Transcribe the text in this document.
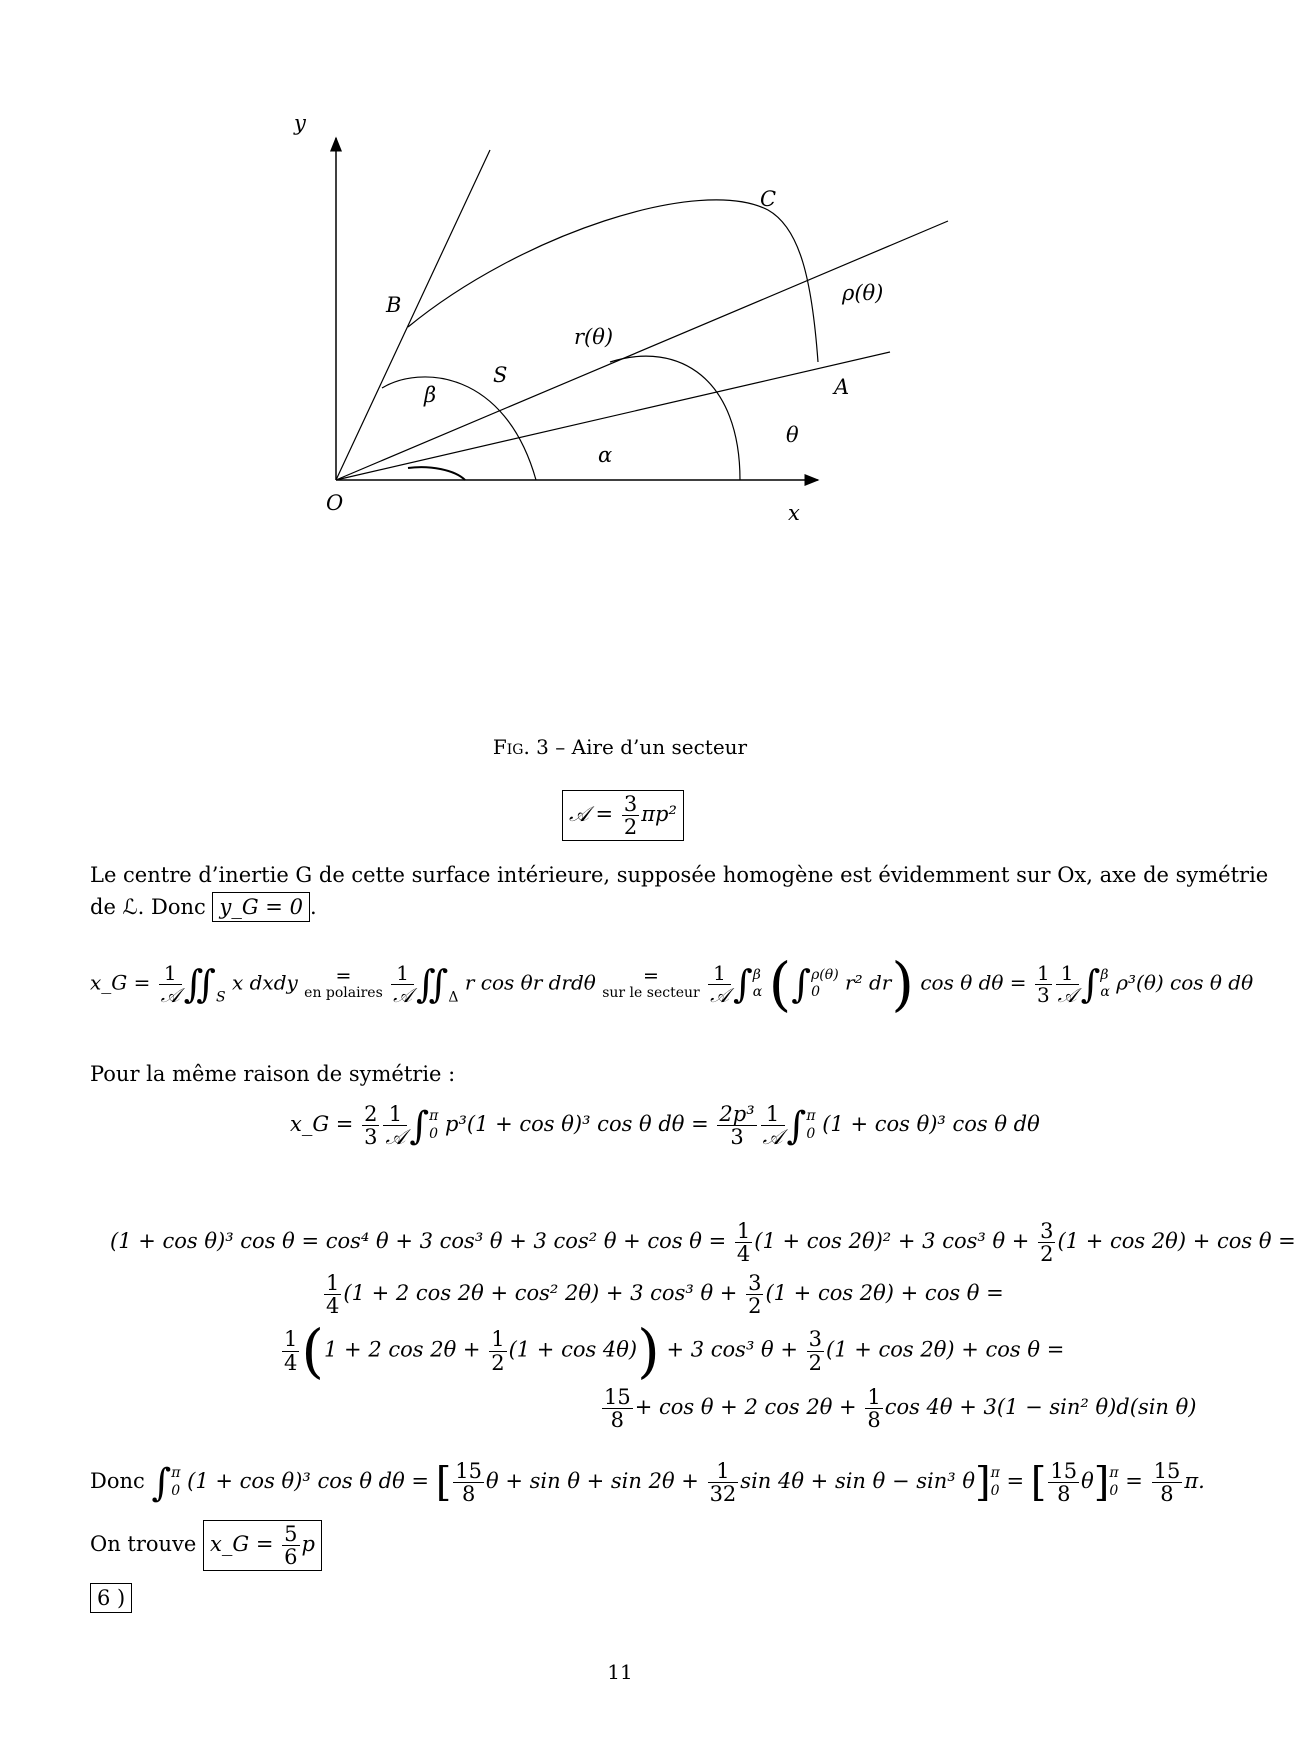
y
x
O
B
C
S	A
β
α
θ
r(θ)
ρ(θ)
Fig. 3 – Aire d’un secteur
𝒜 = $\frac{3}{2} \pi p^2$
Le centre d’inertie G de cette surface intérieure, supposée homogène est évidemment sur Ox, axe de symétrie
de ℒ. Donc y_G = 0 .
x_G = $\frac{1}{\text{𝒜}}$ $∬_S$ x dxdy	=
en polaires
$\frac{1}{\text{𝒜}}$ $∬_\Delta$ r cos θr drdθ	=
sur le secteur
$\frac{1}{\text{𝒜}}$ ∫ β
α (∫ ρ(θ)
0	r² dr) cos θ $d\theta = \frac{1}{3} \frac{1}{\text{𝒜}}$ ∫ β
α ρ³(θ) cos θ dθ
Pour la même raison de symétrie :
x_G = $\frac{2}{3} \frac{1}{\text{𝒜}}$ ∫ π
0 p³(1 + cos θ)³ cos θ $d\theta = \frac{\text{2p³}}{3} \frac{1}{\text{𝒜}}$ ∫ π
0 (1 + cos θ)³ cos θ dθ
(1 + cos θ)³ cos θ = cos⁴ θ + 3 cos³ θ + 3 cos² $\theta + \cos \theta = \frac{1}{4} (1 + \cos 2\theta)^2 + 3$ cos³ $\theta + \frac{3}{2} (1 + \cos 2\theta) + \cos \theta$ =
$\frac{1}{4} (1 + 2$ cos 2θ + cos² 2θ) + 3 cos³ $\theta + \frac{3}{2} (1 + \cos 2\theta) + \cos \theta$ =
$\frac{1}{4} (1 + 2$ $\cos 2\theta + \frac{1}{2} (1 + \cos 4\theta)) + 3$ cos³ $\theta + \frac{3}{2} (1 + \cos 2\theta) + \cos \theta$ =
$\frac{15}{8} + \cos \theta + 2$ $\cos 2\theta + \frac{1}{8}$ cos 4θ + 3(1 − sin² θ)d(sin θ)
Donc ∫ π
0 (1 + cos θ)³ cos θ dθ = [ $\frac{15}{8}$ $\theta + \sin \theta + \sin 2\theta + \frac{1}{32}$ sin 4θ + sin θ − sin³ θ] π
0 = [ $\frac{15}{8} \theta$] π
$0 = \frac{15}{8} \pi$.
On trouve x_G = $\frac{5}{6}$ p
6 )
11
